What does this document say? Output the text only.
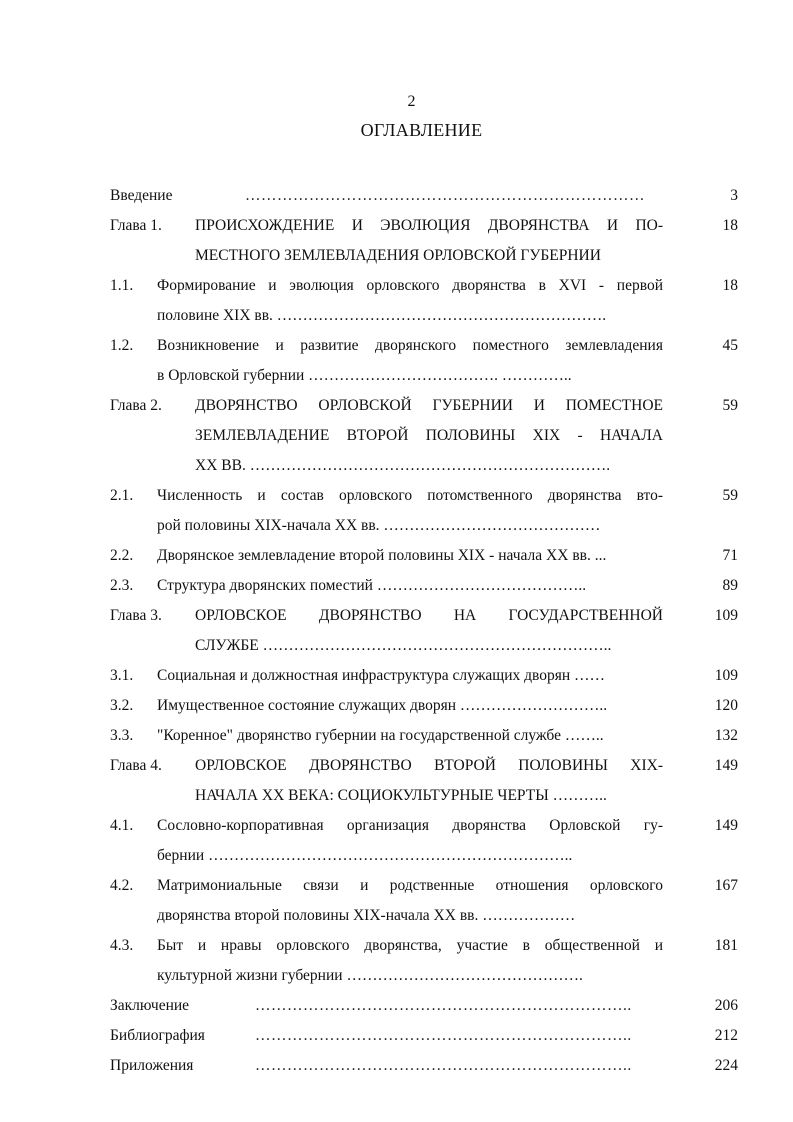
2
ОГЛАВЛЕНИЕ
Введение	…………………………………………………………………	3
Глава 1. ПРОИСХОЖДЕНИЕ И ЭВОЛЮЦИЯ ДВОРЯНСТВА И ПО-	18
МЕСТНОГО ЗЕМЛЕВЛАДЕНИЯ ОРЛОВСКОЙ ГУБЕРНИИ
1.1. Формирование и эволюция орловского дворянства в XVI - первой	18
половине XIX вв. ……………………………………………………….
1.2. Возникновение и развитие дворянского поместного землевладения	45
в Орловской губернии ………………………………. …………..
Глава 2. ДВОРЯНСТВО ОРЛОВСКОЙ ГУБЕРНИИ И ПОМЕСТНОЕ	59
ЗЕМЛЕВЛАДЕНИЕ ВТОРОЙ ПОЛОВИНЫ XIX - НАЧАЛА
XX ВВ. …………………………………………………………….
2.1. Численность и состав орловского потомственного дворянства вто-	59
рой половины XIX-начала XX вв. ……………………………………
2.2. Дворянское землевладение второй половины XIX - начала XX вв. ...	71
2.3. Структура дворянских поместий …………………………………..	89
Глава 3. ОРЛОВСКОЕ ДВОРЯНСТВО НА ГОСУДАРСТВЕННОЙ	109
СЛУЖБЕ …………………………………………………………..
3.1. Социальная и должностная инфраструктура служащих дворян ……	109
3.2. Имущественное состояние служащих дворян ………………………..	120
3.3. "Коренное" дворянство губернии на государственной службе ……..	132
Глава 4. ОРЛОВСКОЕ ДВОРЯНСТВО ВТОРОЙ ПОЛОВИНЫ XIX-	149
НАЧАЛА XX ВЕКА: СОЦИОКУЛЬТУРНЫЕ ЧЕРТЫ ………..
4.1. Сословно-корпоративная организация дворянства Орловской гу-	149
бернии ……………………………………………………………..
4.2. Матримониальные связи и родственные отношения орловского	167
дворянства второй половины XIX-начала XX вв. ………………
4.3. Быт и нравы орловского дворянства, участие в общественной и	181
культурной жизни губернии ……………………………………….
Заключение	……………………………………………………………..	206
Библиография	……………………………………………………………..	212
Приложения	……………………………………………………………..	224
